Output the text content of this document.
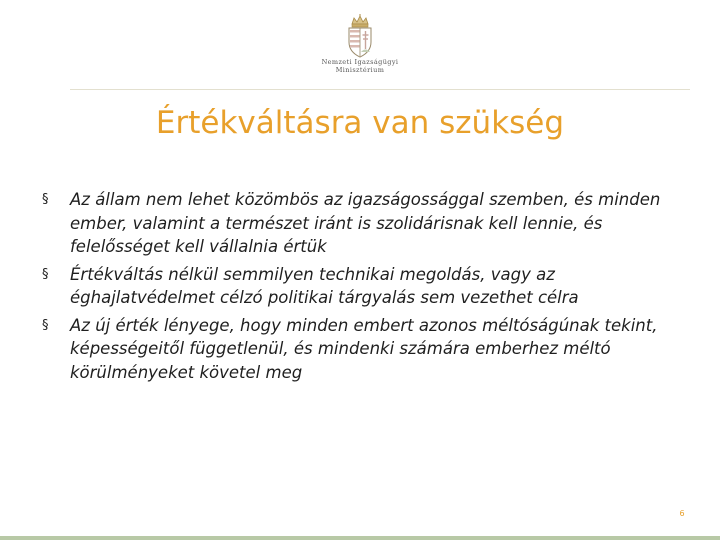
Nemzeti Igazságügyi
Minisztérium
Értékváltásra van szükség
§ Az állam nem lehet közömbös az igazságossággal szemben, és minden ember, valamint a természet iránt is szolidárisnak kell lennie, és felelősséget kell vállalnia értük
§ Értékváltás nélkül semmilyen technikai megoldás, vagy az éghajlatvédelmet célzó politikai tárgyalás sem vezethet célra
§ Az új érték lényege, hogy minden embert azonos méltóságúnak tekint, képességeitől függetlenül, és mindenki számára emberhez méltó körülményeket követel meg
6
